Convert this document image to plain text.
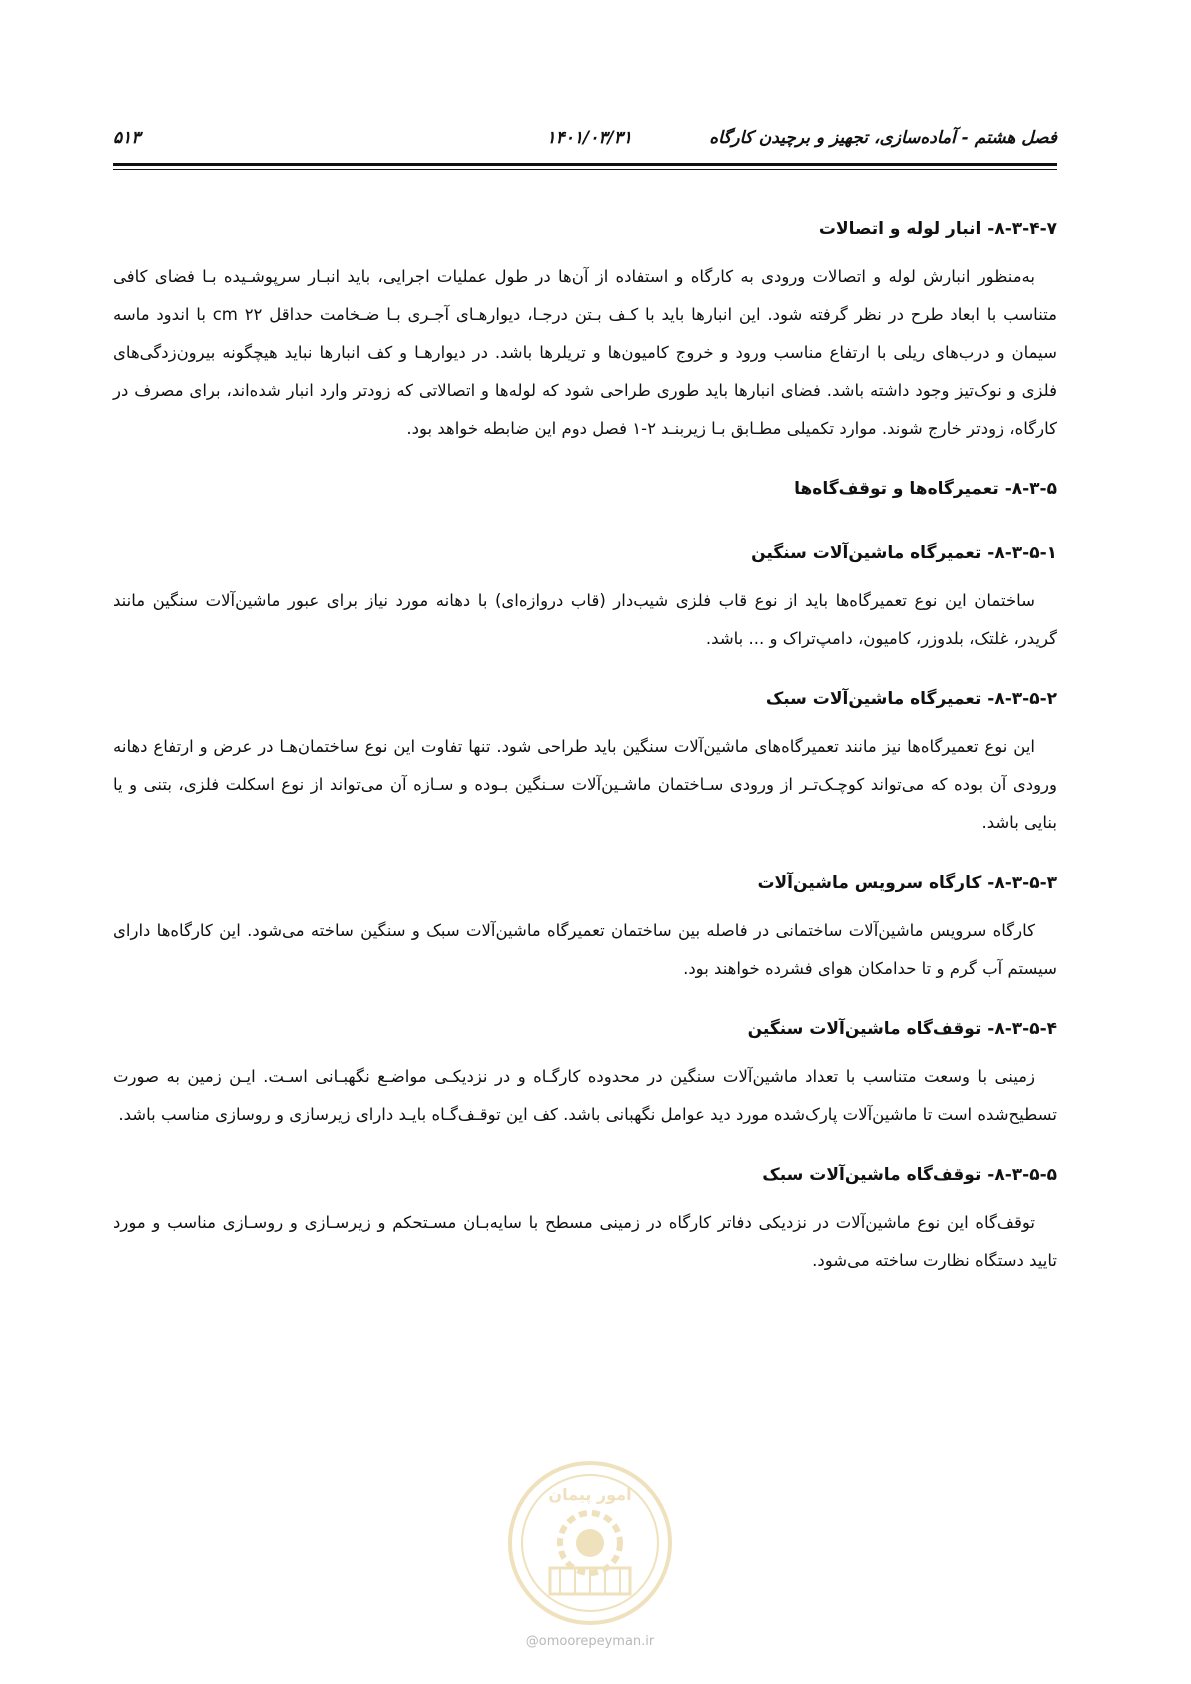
فصل هشتم - آماده‌سازی، تجهیز و برچیدن کارگاه
۱۴۰۱/۰۳/۳۱
۵۱۳
۸-۳-۴-۷- انبار لوله و اتصالات

به‌منظور انبارش لوله و اتصالات ورودی به کارگاه و استفاده از آن‌ها در طول عملیات اجرایی، باید انبـار سرپوشـیده بـا فضای کافی متناسب با ابعاد طرح در نظر گرفته شود. این انبارها باید با کـف بـتن درجـا، دیوارهـای آجـری بـا ضـخامت حداقل ۲۲ cm با اندود ماسه سیمان و درب‌های ریلی با ارتفاع مناسب ورود و خروج کامیون‌ها و تریلرها باشد. در دیوارهـا و کف انبارها نباید هیچگونه بیرون‌زدگی‌های فلزی و نوک‌تیز وجود داشته باشد. فضای انبارها باید طوری طراحی شود که لوله‌ها و اتصالاتی که زودتر وارد انبار شده‌اند، برای مصرف در کارگاه، زودتر خارج شوند. موارد تکمیلی مطـابق بـا زیربنـد ۲-۱ فصل دوم این ضابطه خواهد بود.

۸-۳-۵- تعمیرگاه‌ها و توقف‌گاه‌ها
۸-۳-۵-۱- تعمیرگاه ماشین‌آلات سنگین

ساختمان این نوع تعمیرگاه‌ها باید از نوع قاب فلزی شیب‌دار (قاب دروازه‌ای) با دهانه مورد نیاز برای عبور ماشین‌آلات سنگین مانند گریدر، غلتک، بلدوزر، کامیون، دامپ‌تراک و ... باشد.

۸-۳-۵-۲- تعمیرگاه ماشین‌آلات سبک

این نوع تعمیرگاه‌ها نیز مانند تعمیرگاه‌های ماشین‌آلات سنگین باید طراحی شود. تنها تفاوت این نوع ساختمان‌هـا در عرض و ارتفاع دهانه ورودی آن بوده که می‌تواند کوچـک‌تـر از ورودی سـاختمان ماشـین‌آلات سـنگین بـوده و سـازه آن می‌تواند از نوع اسکلت فلزی، بتنی و یا بنایی باشد.

۸-۳-۵-۳- کارگاه سرویس ماشین‌آلات

کارگاه سرویس ماشین‌آلات ساختمانی در فاصله بین ساختمان تعمیرگاه ماشین‌آلات سبک و سنگین ساخته می‌شود. این کارگاه‌ها دارای سیستم آب گرم و تا حدامکان هوای فشرده خواهند بود.

۸-۳-۵-۴- توقف‌گاه ماشین‌آلات سنگین

زمینی با وسعت متناسب با تعداد ماشین‌آلات سنگین در محدوده کارگـاه و در نزدیکـی مواضـع نگهبـانی اسـت. ایـن زمین به صورت تسطیح‌شده است تا ماشین‌آلات پارک‌شده مورد دید عوامل نگهبانی باشد. کف این توقـف‌گـاه بایـد دارای زیرسازی و روسازی مناسب باشد.

۸-۳-۵-۵- توقف‌گاه ماشین‌آلات سبک

توقف‌گاه این نوع ماشین‌آلات در نزدیکی دفاتر کارگاه در زمینی مسطح با سایه‌بـان مسـتحکم و زیرسـازی و روسـازی مناسب و مورد تایید دستگاه نظارت ساخته می‌شود.

امور پیمان
@omoorepeyman.ir
